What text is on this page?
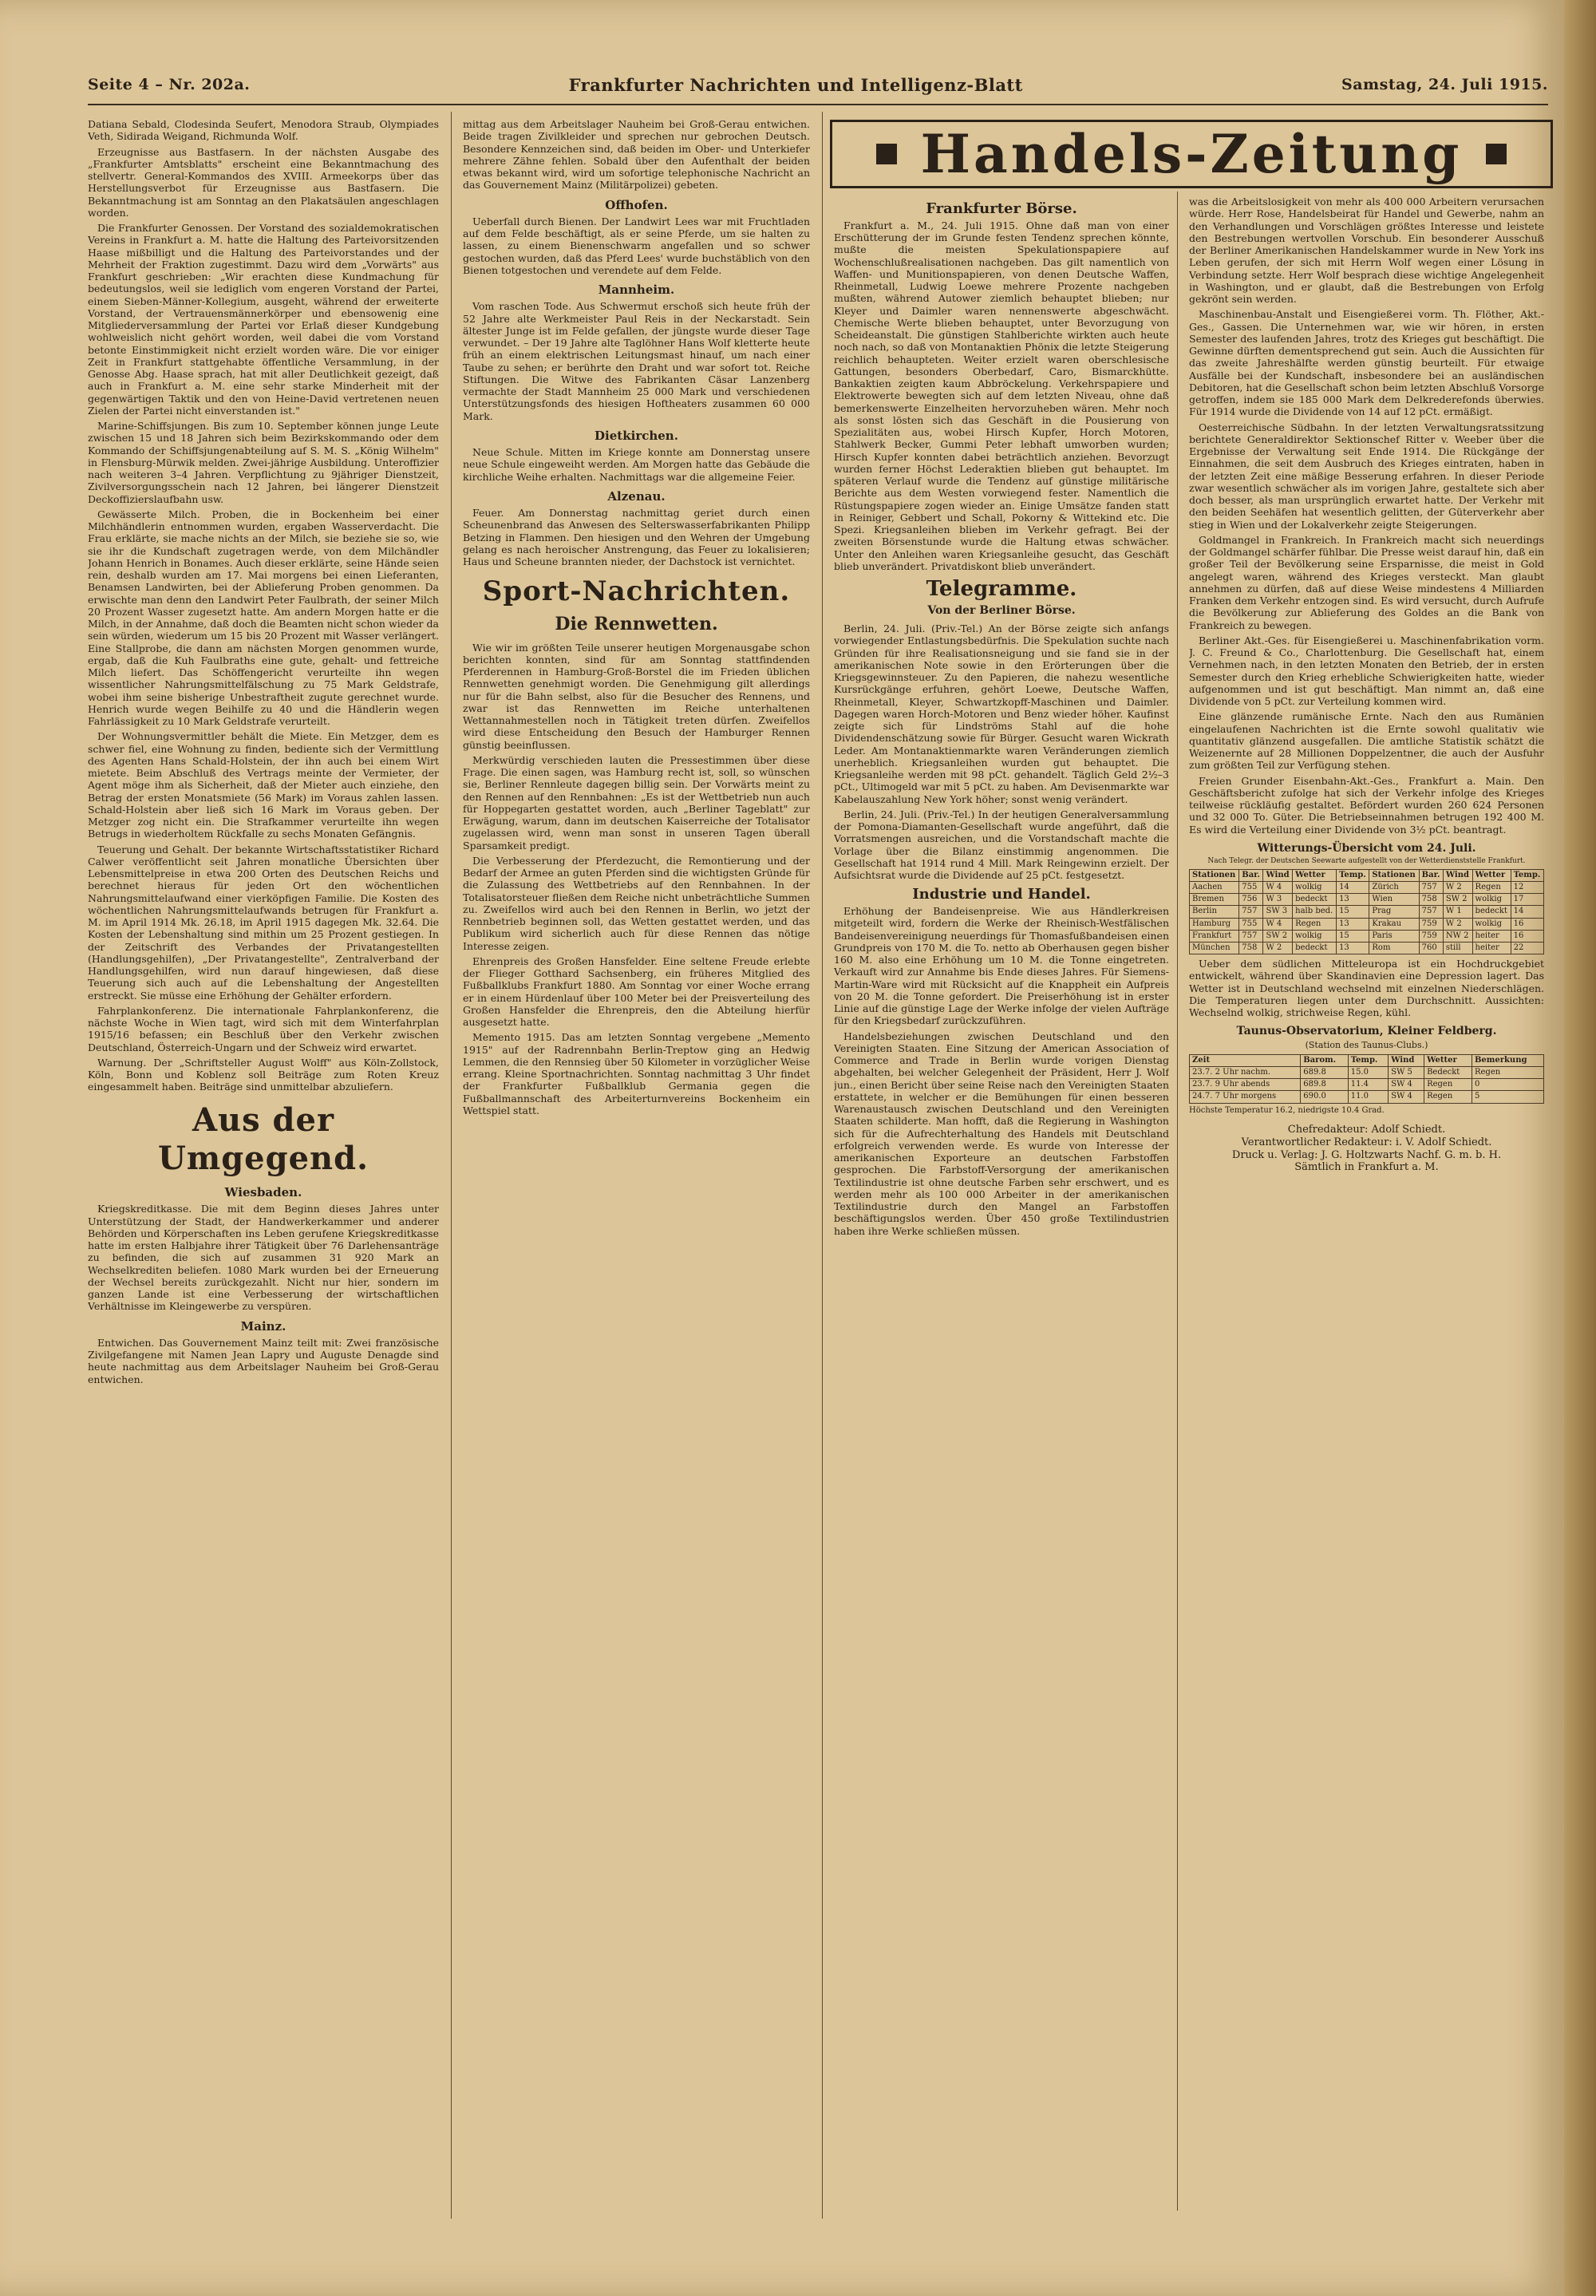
Seite 4 – Nr. 202a.	Frankfurter Nachrichten und Intelligenz-Blatt	Samstag, 24. Juli 1915.

Datiana Sebald, Clodesinda Seufert, Menodora Straub, Olympiades Veth, Sidirada Weigand, Richmunda Wolf.

Erzeugnisse aus Bastfasern. In der nächsten Ausgabe des „Frankfurter Amtsblatts" erscheint eine Bekanntmachung des stellvertr. General-Kommandos des XVIII. Armeekorps über das Herstellungsverbot für Erzeugnisse aus Bastfasern. Die Bekanntmachung ist am Sonntag an den Plakatsäulen angeschlagen worden.

Die Frankfurter Genossen. Der Vorstand des sozialdemokratischen Vereins in Frankfurt a. M. hatte die Haltung des Parteivorsitzenden Haase mißbilligt und die Haltung des Parteivorstandes und der Mehrheit der Fraktion zugestimmt. Dazu wird dem „Vorwärts" aus Frankfurt geschrieben: „Wir erachten diese Kundmachung für bedeutungslos, weil sie lediglich vom engeren Vorstand der Partei, einem Sieben-Männer-Kollegium, ausgeht, während der erweiterte Vorstand, der Vertrauensmännerkörper und ebensowenig eine Mitgliederversammlung der Partei vor Erlaß dieser Kundgebung wohlweislich nicht gehört worden, weil dabei die vom Vorstand betonte Einstimmigkeit nicht erzielt worden wäre. Die vor einiger Zeit in Frankfurt stattgehabte öffentliche Versammlung, in der Genosse Abg. Haase sprach, hat mit aller Deutlichkeit gezeigt, daß auch in Frankfurt a. M. eine sehr starke Minderheit mit der gegenwärtigen Taktik und den von Heine-David vertretenen neuen Zielen der Partei nicht einverstanden ist."

Marine-Schiffsjungen. Bis zum 10. September können junge Leute zwischen 15 und 18 Jahren sich beim Bezirkskommando oder dem Kommando der Schiffsjungenabteilung auf S. M. S. „König Wilhelm" in Flensburg-Mürwik melden. Zwei-jährige Ausbildung. Unteroffizier nach weiteren 3–4 Jahren. Verpflichtung zu 9jähriger Dienstzeit, Zivilversorgungsschein nach 12 Jahren, bei längerer Dienstzeit Deckoffizierslaufbahn usw.

Gewässerte Milch. Proben, die in Bockenheim bei einer Milchhändlerin entnommen wurden, ergaben Wasserverdacht. Die Frau erklärte, sie mache nichts an der Milch, sie beziehe sie so, wie sie ihr die Kundschaft zugetragen werde, von dem Milchändler Johann Henrich in Bonames. Auch dieser erklärte, seine Hände seien rein, deshalb wurden am 17. Mai morgens bei einen Lieferanten, Benamsen Landwirten, bei der Ablieferung Proben genommen. Da erwischte man denn den Landwirt Peter Faulbrath, der seiner Milch 20 Prozent Wasser zugesetzt hatte. Am andern Morgen hatte er die Milch, in der Annahme, daß doch die Beamten nicht schon wieder da sein würden, wiederum um 15 bis 20 Prozent mit Wasser verlängert. Eine Stallprobe, die dann am nächsten Morgen genommen wurde, ergab, daß die Kuh Faulbraths eine gute, gehalt- und fettreiche Milch liefert. Das Schöffengericht verurteilte ihn wegen wissentlicher Nahrungsmittelfälschung zu 75 Mark Geldstrafe, wobei ihm seine bisherige Unbestraftheit zugute gerechnet wurde. Henrich wurde wegen Beihilfe zu 40 und die Händlerin wegen Fahrlässigkeit zu 10 Mark Geldstrafe verurteilt.

Der Wohnungsvermittler behält die Miete. Ein Metzger, dem es schwer fiel, eine Wohnung zu finden, bediente sich der Vermittlung des Agenten Hans Schald-Holstein, der ihn auch bei einem Wirt mietete. Beim Abschluß des Vertrags meinte der Vermieter, der Agent möge ihm als Sicherheit, daß der Mieter auch einziehe, den Betrag der ersten Monatsmiete (56 Mark) im Voraus zahlen lassen. Schald-Holstein aber ließ sich 16 Mark im Voraus geben. Der Metzger zog nicht ein. Die Strafkammer verurteilte ihn wegen Betrugs in wiederholtem Rückfalle zu sechs Monaten Gefängnis.

Teuerung und Gehalt. Der bekannte Wirtschaftsstatistiker Richard Calwer veröffentlicht seit Jahren monatliche Übersichten über Lebensmittelpreise in etwa 200 Orten des Deutschen Reichs und berechnet hieraus für jeden Ort den wöchentlichen Nahrungsmittelaufwand einer vierköpfigen Familie. Die Kosten des wöchentlichen Nahrungsmittelaufwands betrugen für Frankfurt a. M. im April 1914 Mk. 26.18, im April 1915 dagegen Mk. 32.64. Die Kosten der Lebenshaltung sind mithin um 25 Prozent gestiegen. In der Zeitschrift des Verbandes der Privatangestellten (Handlungsgehilfen), „Der Privatangestellte", Zentralverband der Handlungsgehilfen, wird nun darauf hingewiesen, daß diese Teuerung sich auch auf die Lebenshaltung der Angestellten erstreckt. Sie müsse eine Erhöhung der Gehälter erfordern.

Fahrplankonferenz. Die internationale Fahrplankonferenz, die nächste Woche in Wien tagt, wird sich mit dem Winterfahrplan 1915/16 befassen; ein Beschluß über den Verkehr zwischen Deutschland, Österreich-Ungarn und der Schweiz wird erwartet.

Warnung. Der „Schriftsteller August Wolff" aus Köln-Zollstock, Köln, Bonn und Koblenz soll Beiträge zum Roten Kreuz eingesammelt haben. Beiträge sind unmittelbar abzuliefern.

Aus der Umgegend.
Wiesbaden.

Kriegskreditkasse. Die mit dem Beginn dieses Jahres unter Unterstützung der Stadt, der Handwerkerkammer und anderer Behörden und Körperschaften ins Leben gerufene Kriegskreditkasse hatte im ersten Halbjahre ihrer Tätigkeit über 76 Darlehensanträge zu befinden, die sich auf zusammen 31 920 Mark an Wechselkrediten beliefen. 1080 Mark wurden bei der Erneuerung der Wechsel bereits zurückgezahlt. Nicht nur hier, sondern im ganzen Lande ist eine Verbesserung der wirtschaftlichen Verhältnisse im Kleingewerbe zu verspüren.

Mainz.

Entwichen. Das Gouvernement Mainz teilt mit: Zwei französische Zivilgefangene mit Namen Jean Lapry und Auguste Denagde sind heute nachmittag aus dem Arbeitslager Nauheim bei Groß-Gerau entwichen.

mittag aus dem Arbeitslager Nauheim bei Groß-Gerau entwichen. Beide tragen Zivilkleider und sprechen nur gebrochen Deutsch. Besondere Kennzeichen sind, daß beiden im Ober- und Unterkiefer mehrere Zähne fehlen. Sobald über den Aufenthalt der beiden etwas bekannt wird, wird um sofortige telephonische Nachricht an das Gouvernement Mainz (Militärpolizei) gebeten.

Offhofen.

Ueberfall durch Bienen. Der Landwirt Lees war mit Fruchtladen auf dem Felde beschäftigt, als er seine Pferde, um sie halten zu lassen, zu einem Bienenschwarm angefallen und so schwer gestochen wurden, daß das Pferd Lees' wurde buchstäblich von den Bienen totgestochen und verendete auf dem Felde.

Mannheim.

Vom raschen Tode. Aus Schwermut erschoß sich heute früh der 52 Jahre alte Werkmeister Paul Reis in der Neckarstadt. Sein ältester Junge ist im Felde gefallen, der jüngste wurde dieser Tage verwundet. – Der 19 Jahre alte Taglöhner Hans Wolf kletterte heute früh an einem elektrischen Leitungsmast hinauf, um nach einer Taube zu sehen; er berührte den Draht und war sofort tot. Reiche Stiftungen. Die Witwe des Fabrikanten Cäsar Lanzenberg vermachte der Stadt Mannheim 25 000 Mark und verschiedenen Unterstützungsfonds des hiesigen Hoftheaters zusammen 60 000 Mark.

Dietkirchen.

Neue Schule. Mitten im Kriege konnte am Donnerstag unsere neue Schule eingeweiht werden. Am Morgen hatte das Gebäude die kirchliche Weihe erhalten. Nachmittags war die allgemeine Feier.

Alzenau.

Feuer. Am Donnerstag nachmittag geriet durch einen Scheunenbrand das Anwesen des Selterswasserfabrikanten Philipp Betzing in Flammen. Den hiesigen und den Wehren der Umgebung gelang es nach heroischer Anstrengung, das Feuer zu lokalisieren; Haus und Scheune brannten nieder, der Dachstock ist vernichtet.

Sport-Nachrichten.
Die Rennwetten.

Wie wir im größten Teile unserer heutigen Morgenausgabe schon berichten konnten, sind für am Sonntag stattfindenden Pferderennen in Hamburg-Groß-Borstel die im Frieden üblichen Rennwetten genehmigt worden. Die Genehmigung gilt allerdings nur für die Bahn selbst, also für die Besucher des Rennens, und zwar ist das Rennwetten im Reiche unterhaltenen Wettannahmestellen noch in Tätigkeit treten dürfen. Zweifellos wird diese Entscheidung den Besuch der Hamburger Rennen günstig beeinflussen.

Merkwürdig verschieden lauten die Pressestimmen über diese Frage. Die einen sagen, was Hamburg recht ist, soll, so wünschen sie, Berliner Rennleute dagegen billig sein. Der Vorwärts meint zu den Rennen auf den Rennbahnen: „Es ist der Wettbetrieb nun auch für Hoppegarten gestattet worden, auch „Berliner Tageblatt" zur Erwägung, warum, dann im deutschen Kaiserreiche der Totalisator zugelassen wird, wenn man sonst in unseren Tagen überall Sparsamkeit predigt.

Die Verbesserung der Pferdezucht, die Remontierung und der Bedarf der Armee an guten Pferden sind die wichtigsten Gründe für die Zulassung des Wettbetriebs auf den Rennbahnen. In der Totalisatorsteuer fließen dem Reiche nicht unbeträchtliche Summen zu. Zweifellos wird auch bei den Rennen in Berlin, wo jetzt der Rennbetrieb beginnen soll, das Wetten gestattet werden, und das Publikum wird sicherlich auch für diese Rennen das nötige Interesse zeigen.

Ehrenpreis des Großen Hansfelder. Eine seltene Freude erlebte der Flieger Gotthard Sachsenberg, ein früheres Mitglied des Fußballklubs Frankfurt 1880. Am Sonntag vor einer Woche errang er in einem Hürdenlauf über 100 Meter bei der Preisverteilung des Großen Hansfelder die Ehrenpreis, den die Abteilung hierfür ausgesetzt hatte.

Memento 1915. Das am letzten Sonntag vergebene „Memento 1915" auf der Radrennbahn Berlin-Treptow ging an Hedwig Lemmen, die den Rennsieg über 50 Kilometer in vorzüglicher Weise errang. Kleine Sportnachrichten. Sonntag nachmittag 3 Uhr findet der Frankfurter Fußballklub Germania gegen die Fußballmannschaft des Arbeiterturnvereins Bockenheim ein Wettspiel statt.

Handels-Zeitung
Frankfurter Börse.

Frankfurt a. M., 24. Juli 1915. Ohne daß man von einer Erschütterung der im Grunde festen Tendenz sprechen könnte, mußte die meisten Spekulationspapiere auf Wochenschlußrealisationen nachgeben. Das gilt namentlich von Waffen- und Munitionspapieren, von denen Deutsche Waffen, Rheinmetall, Ludwig Loewe mehrere Prozente nachgeben mußten, während Autower ziemlich behauptet blieben; nur Kleyer und Daimler waren nennenswerte abgeschwächt. Chemische Werte blieben behauptet, unter Bevorzugung von Scheideanstalt. Die günstigen Stahlberichte wirkten auch heute noch nach, so daß von Montanaktien Phönix die letzte Steigerung reichlich behaupteten. Weiter erzielt waren oberschlesische Gattungen, besonders Oberbedarf, Caro, Bismarckhütte. Bankaktien zeigten kaum Abbröckelung. Verkehrspapiere und Elektrowerte bewegten sich auf dem letzten Niveau, ohne daß bemerkenswerte Einzelheiten hervorzuheben wären. Mehr noch als sonst lösten sich das Geschäft in die Pousierung von Spezialitäten aus, wobei Hirsch Kupfer, Horch Motoren, Stahlwerk Becker, Gummi Peter lebhaft umworben wurden; Hirsch Kupfer konnten dabei beträchtlich anziehen. Bevorzugt wurden ferner Höchst Lederaktien blieben gut behauptet. Im späteren Verlauf wurde die Tendenz auf günstige militärische Berichte aus dem Westen vorwiegend fester. Namentlich die Rüstungspapiere zogen wieder an. Einige Umsätze fanden statt in Reiniger, Gebbert und Schall, Pokorny & Wittekind etc. Die Spezi. Kriegsanleihen blieben im Verkehr gefragt. Bei der zweiten Börsenstunde wurde die Haltung etwas schwächer. Unter den Anleihen waren Kriegsanleihe gesucht, das Geschäft blieb unverändert. Privatdiskont blieb unverändert.

Telegramme.
Von der Berliner Börse.

Berlin, 24. Juli. (Priv.-Tel.) An der Börse zeigte sich anfangs vorwiegender Entlastungsbedürfnis. Die Spekulation suchte nach Gründen für ihre Realisationsneigung und sie fand sie in der amerikanischen Note sowie in den Erörterungen über die Kriegsgewinnsteuer. Zu den Papieren, die nahezu wesentliche Kursrückgänge erfuhren, gehört Loewe, Deutsche Waffen, Rheinmetall, Kleyer, Schwartzkopff-Maschinen und Daimler. Dagegen waren Horch-Motoren und Benz wieder höher. Kaufinst zeigte sich für Lindströms Stahl auf die hohe Dividendenschätzung sowie für Bürger. Gesucht waren Wickrath Leder. Am Montanaktienmarkte waren Veränderungen ziemlich unerheblich. Kriegsanleihen wurden gut behauptet. Die Kriegsanleihe werden mit 98 pCt. gehandelt. Täglich Geld 2½–3 pCt., Ultimogeld war mit 5 pCt. zu haben. Am Devisenmarkte war Kabelauszahlung New York höher; sonst wenig verändert.

Berlin, 24. Juli. (Priv.-Tel.) In der heutigen Generalversammlung der Pomona-Diamanten-Gesellschaft wurde angeführt, daß die Vorratsmengen ausreichen, und die Vorstandschaft machte die Vorlage über die Bilanz einstimmig angenommen. Die Gesellschaft hat 1914 rund 4 Mill. Mark Reingewinn erzielt. Der Aufsichtsrat wurde die Dividende auf 25 pCt. festgesetzt.

Industrie und Handel.

Erhöhung der Bandeisenpreise. Wie aus Händlerkreisen mitgeteilt wird, fordern die Werke der Rheinisch-Westfälischen Bandeisenvereinigung neuerdings für Thomasfußbandeisen einen Grundpreis von 170 M. die To. netto ab Oberhausen gegen bisher 160 M. also eine Erhöhung um 10 M. die Tonne eingetreten. Verkauft wird zur Annahme bis Ende dieses Jahres. Für Siemens-Martin-Ware wird mit Rücksicht auf die Knappheit ein Aufpreis von 20 M. die Tonne gefordert. Die Preiserhöhung ist in erster Linie auf die günstige Lage der Werke infolge der vielen Aufträge für den Kriegsbedarf zurückzuführen.

Handelsbeziehungen zwischen Deutschland und den Vereinigten Staaten. Eine Sitzung der American Association of Commerce and Trade in Berlin wurde vorigen Dienstag abgehalten, bei welcher Gelegenheit der Präsident, Herr J. Wolf jun., einen Bericht über seine Reise nach den Vereinigten Staaten erstattete, in welcher er die Bemühungen für einen besseren Warenaustausch zwischen Deutschland und den Vereinigten Staaten schilderte. Man hofft, daß die Regierung in Washington sich für die Aufrechterhaltung des Handels mit Deutschland erfolgreich verwenden werde. Es wurde von Interesse der amerikanischen Exporteure an deutschen Farbstoffen gesprochen. Die Farbstoff-Versorgung der amerikanischen Textilindustrie ist ohne deutsche Farben sehr erschwert, und es werden mehr als 100 000 Arbeiter in der amerikanischen Textilindustrie durch den Mangel an Farbstoffen beschäftigungslos werden. Über 450 große Textilindustrien haben ihre Werke schließen müssen.

was die Arbeitslosigkeit von mehr als 400 000 Arbeitern verursachen würde. Herr Rose, Handelsbeirat für Handel und Gewerbe, nahm an den Verhandlungen und Vorschlägen größtes Interesse und leistete den Bestrebungen wertvollen Vorschub. Ein besonderer Ausschuß der Berliner Amerikanischen Handelskammer wurde in New York ins Leben gerufen, der sich mit Herrn Wolf wegen einer Lösung in Verbindung setzte. Herr Wolf besprach diese wichtige Angelegenheit in Washington, und er glaubt, daß die Bestrebungen von Erfolg gekrönt sein werden.

Maschinenbau-Anstalt und Eisengießerei vorm. Th. Flöther, Akt.-Ges., Gassen. Die Unternehmen war, wie wir hören, in ersten Semester des laufenden Jahres, trotz des Krieges gut beschäftigt. Die Gewinne dürften dementsprechend gut sein. Auch die Aussichten für das zweite Jahreshälfte werden günstig beurteilt. Für etwaige Ausfälle bei der Kundschaft, insbesondere bei an ausländischen Debitoren, hat die Gesellschaft schon beim letzten Abschluß Vorsorge getroffen, indem sie 185 000 Mark dem Delkrederefonds überwies. Für 1914 wurde die Dividende von 14 auf 12 pCt. ermäßigt.

Oesterreichische Südbahn. In der letzten Verwaltungsratssitzung berichtete Generaldirektor Sektionschef Ritter v. Weeber über die Ergebnisse der Verwaltung seit Ende 1914. Die Rückgänge der Einnahmen, die seit dem Ausbruch des Krieges eintraten, haben in der letzten Zeit eine mäßige Besserung erfahren. In dieser Periode zwar wesentlich schwächer als im vorigen Jahre, gestaltete sich aber doch besser, als man ursprünglich erwartet hatte. Der Verkehr mit den beiden Seehäfen hat wesentlich gelitten, der Güterverkehr aber stieg in Wien und der Lokalverkehr zeigte Steigerungen.

Goldmangel in Frankreich. In Frankreich macht sich neuerdings der Goldmangel schärfer fühlbar. Die Presse weist darauf hin, daß ein großer Teil der Bevölkerung seine Ersparnisse, die meist in Gold angelegt waren, während des Krieges versteckt. Man glaubt annehmen zu dürfen, daß auf diese Weise mindestens 4 Milliarden Franken dem Verkehr entzogen sind. Es wird versucht, durch Aufrufe die Bevölkerung zur Ablieferung des Goldes an die Bank von Frankreich zu bewegen.

Berliner Akt.-Ges. für Eisengießerei u. Maschinenfabrikation vorm. J. C. Freund & Co., Charlottenburg. Die Gesellschaft hat, einem Vernehmen nach, in den letzten Monaten den Betrieb, der in ersten Semester durch den Krieg erhebliche Schwierigkeiten hatte, wieder aufgenommen und ist gut beschäftigt. Man nimmt an, daß eine Dividende von 5 pCt. zur Verteilung kommen wird.

Eine glänzende rumänische Ernte. Nach den aus Rumänien eingelaufenen Nachrichten ist die Ernte sowohl qualitativ wie quantitativ glänzend ausgefallen. Die amtliche Statistik schätzt die Weizenernte auf 28 Millionen Doppelzentner, die auch der Ausfuhr zum größten Teil zur Verfügung stehen.

Freien Grunder Eisenbahn-Akt.-Ges., Frankfurt a. Main. Den Geschäftsbericht zufolge hat sich der Verkehr infolge des Krieges teilweise rückläufig gestaltet. Befördert wurden 260 624 Personen und 32 000 To. Güter. Die Betriebseinnahmen betrugen 192 400 M. Es wird die Verteilung einer Dividende von 3½ pCt. beantragt.

Witterungs-Übersicht vom 24. Juli.
Nach Telegr. der Deutschen Seewarte aufgestellt von der Wetterdienststelle Frankfurt.
Stationen	Bar.	Wind	Wetter	Temp.	Stationen	Bar.	Wind	Wetter	Temp.
Aachen	755	W 4	wolkig	14	Zürich	757	W 2	Regen	12
Bremen	756	W 3	bedeckt	13	Wien	758	SW 2	wolkig	17
Berlin	757	SW 3	halb bed.	15	Prag	757	W 1	bedeckt	14
Hamburg	755	W 4	Regen	13	Krakau	759	W 2	wolkig	16
Frankfurt	757	SW 2	wolkig	15	Paris	759	NW 2	heiter	16
München	758	W 2	bedeckt	13	Rom	760	still	heiter	22

Ueber dem südlichen Mitteleuropa ist ein Hochdruckgebiet entwickelt, während über Skandinavien eine Depression lagert. Das Wetter ist in Deutschland wechselnd mit einzelnen Niederschlägen. Die Temperaturen liegen unter dem Durchschnitt. Aussichten: Wechselnd wolkig, strichweise Regen, kühl.

Taunus-Observatorium, Kleiner Feldberg.
(Station des Taunus-Clubs.)
Zeit	Barom.	Temp.	Wind	Wetter	Bemerkung
23.7. 2 Uhr nachm.	689.8	15.0	SW 5	Bedeckt	Regen
23.7. 9 Uhr abends	689.8	11.4	SW 4	Regen	0
24.7. 7 Uhr morgens	690.0	11.0	SW 4	Regen	5
Höchste Temperatur 16.2, niedrigste 10.4 Grad.
Chefredakteur: Adolf Schiedt.
Verantwortlicher Redakteur: i. V. Adolf Schiedt.
Druck u. Verlag: J. G. Holtzwarts Nachf. G. m. b. H.
Sämtlich in Frankfurt a. M.
